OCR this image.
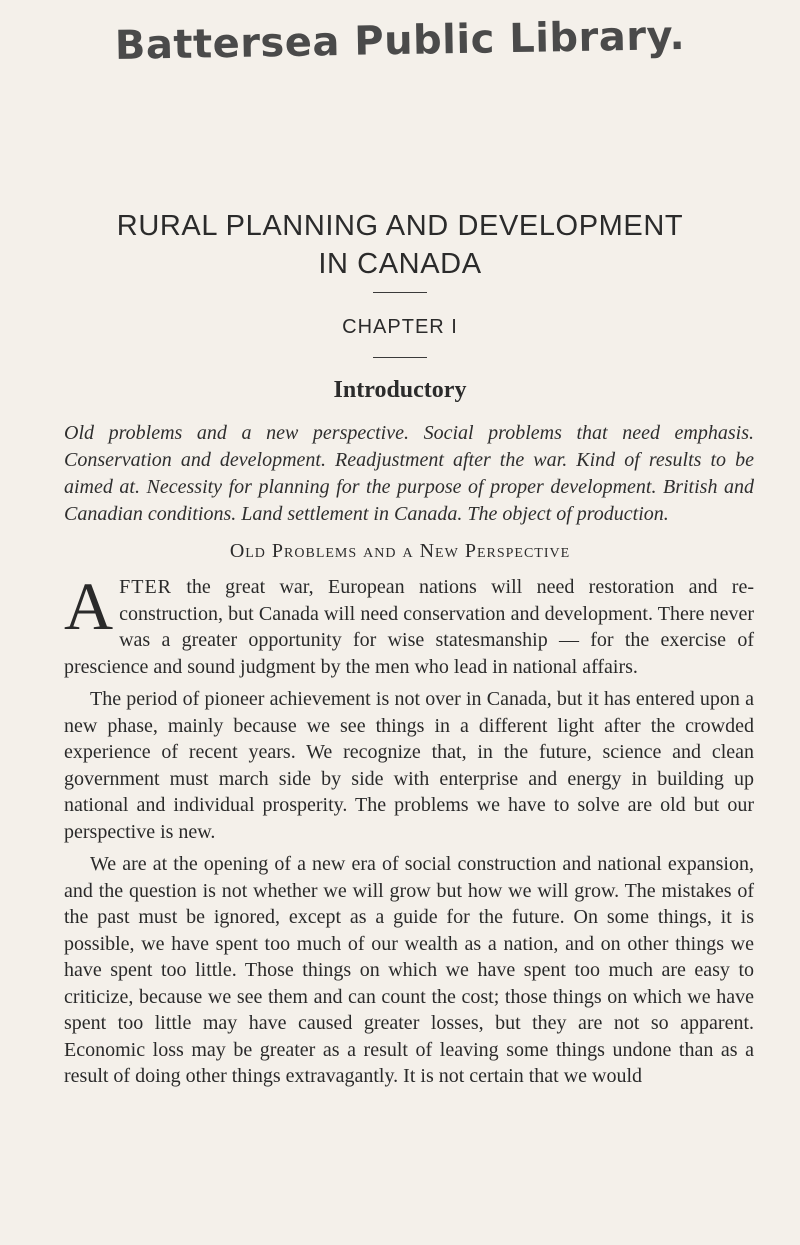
Battersea Public Library.
RURAL PLANNING AND DEVELOPMENT
IN CANADA
CHAPTER I
Introductory
Old problems and a new perspective. Social problems that need emphasis. Conservation and development. Readjustment after the war. Kind of results to be aimed at. Necessity for planning for the purpose of proper development. British and Canadian conditions. Land settlement in Canada. The object of production.
Old Problems and a New Perspective

AFTER the great war, European nations will need restoration and re-construction, but Canada will need conservation and development. There never was a greater opportunity for wise statesmanship — for the exercise of prescience and sound judgment by the men who lead in national affairs.

The period of pioneer achievement is not over in Canada, but it has entered upon a new phase, mainly because we see things in a different light after the crowded experience of recent years. We recognize that, in the future, science and clean government must march side by side with enterprise and energy in building up national and individual prosperity. The problems we have to solve are old but our perspective is new.

We are at the opening of a new era of social construction and national expansion, and the question is not whether we will grow but how we will grow. The mistakes of the past must be ignored, except as a guide for the future. On some things, it is possible, we have spent too much of our wealth as a nation, and on other things we have spent too little. Those things on which we have spent too much are easy to criticize, because we see them and can count the cost; those things on which we have spent too little may have caused greater losses, but they are not so apparent. Economic loss may be greater as a result of leaving some things undone than as a result of doing other things extravagantly. It is not certain that we would
